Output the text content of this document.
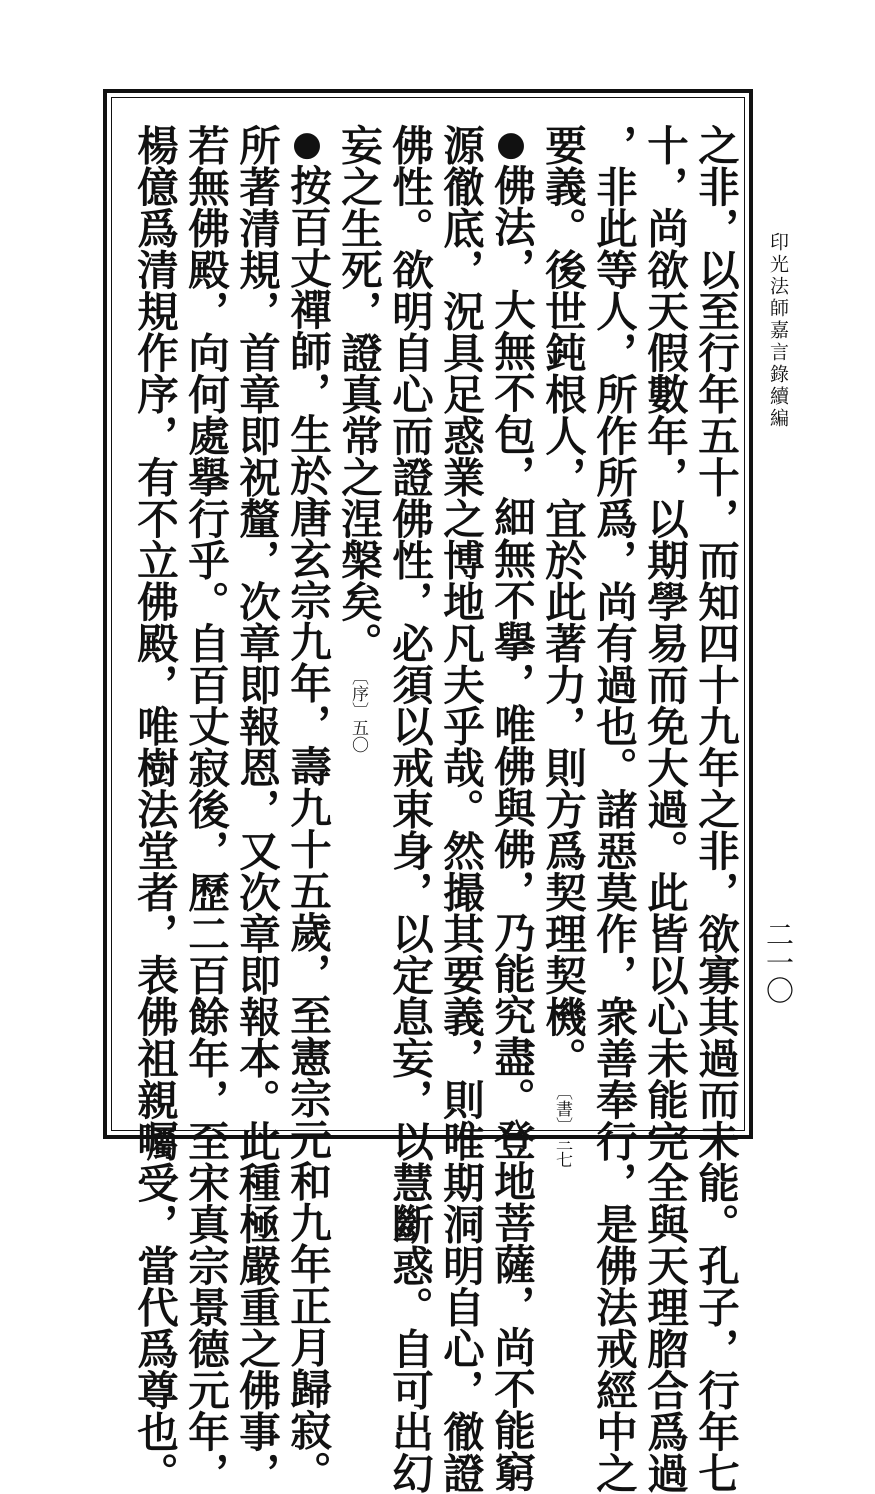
印光法師嘉言錄續編
二一〇
之非，以至行年五十，而知四十九年之非，欲寡其過而未能。孔子，行年七
十，尚欲天假數年，以期學易而免大過。此皆以心未能完全與天理脗合爲過
，非此等人，所作所爲，尚有過也。諸惡莫作，衆善奉行，是佛法戒經中之
要義。後世鈍根人，宜於此著力，則方爲契理契機。〔書〕三七
●佛法，大無不包，細無不擧，唯佛與佛，乃能究盡。登地菩薩，尚不能窮
源徹底，況具足惑業之博地凡夫乎哉。然撮其要義，則唯期洞明自心，徹證
佛性。欲明自心而證佛性，必須以戒束身，以定息妄，以慧斷惑。自可出幻
妄之生死，證真常之涅槃矣。〔序〕五〇
●按百丈禪師，生於唐玄宗九年，壽九十五歲，至憲宗元和九年正月歸寂。
所著清規，首章即祝釐，次章即報恩，又次章即報本。此種極嚴重之佛事，
若無佛殿，向何處擧行乎。自百丈寂後，歷二百餘年，至宋真宗景德元年，
楊億爲清規作序，有不立佛殿，唯樹法堂者，表佛祖親囑受，當代爲尊也。
